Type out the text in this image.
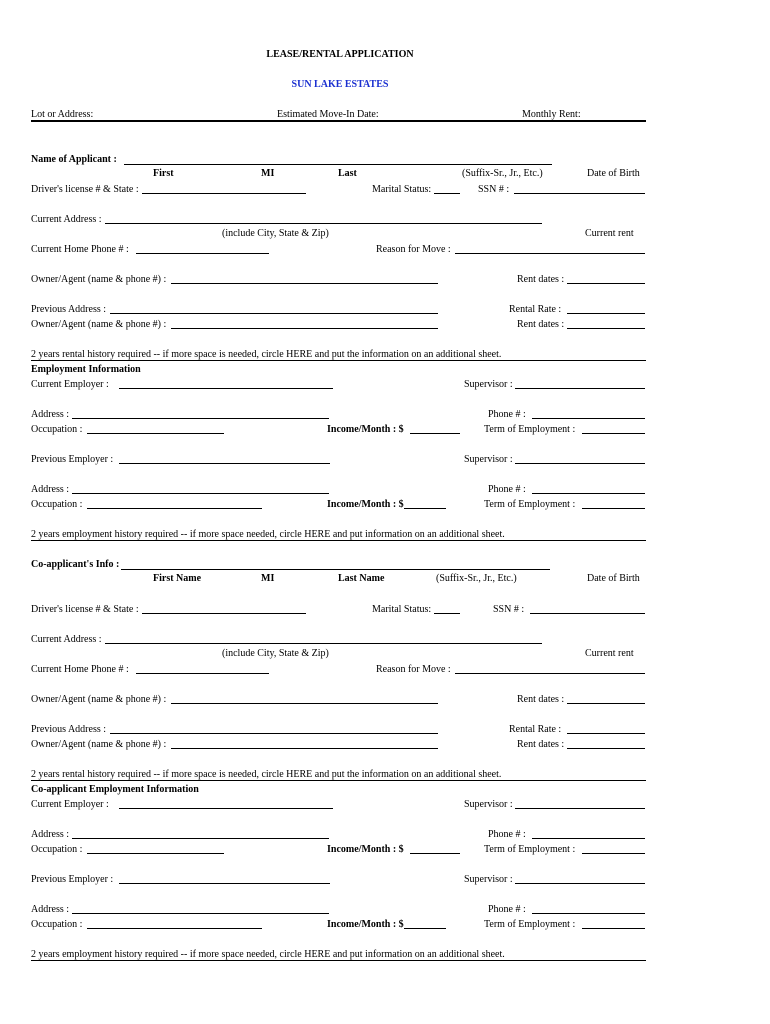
LEASE/RENTAL APPLICATION
SUN LAKE ESTATES
Lot or Address:	Estimated Move-In Date:	Monthly Rent:
Name of Applicant :
First	MI	Last	(Suffix-Sr., Jr., Etc.)	Date of Birth
Driver's license # & State :	Marital Status:	SSN # :
Current Address :
(include City, State & Zip)	Current rent
Current Home Phone # :	Reason for Move :
Owner/Agent (name & phone #) :	Rent dates :
Previous Address :	Rental Rate :
Owner/Agent (name & phone #) :	Rent dates :
2 years rental history required -- if more space is needed, circle HERE and put the information on an additional sheet.
Employment Information
Current Employer :	Supervisor :
Address :	Phone # :
Occupation :	Income/Month : $	Term of Employment :
Previous Employer :	Supervisor :
Address :	Phone # :
Occupation :	Income/Month : $	Term of Employment :
2 years employment history required -- if more space needed, circle HERE and put information on an additional sheet.
Co-applicant's Info :
First Name	MI	Last Name	(Suffix-Sr., Jr., Etc.)	Date of Birth
Driver's license # & State :	Marital Status:	SSN # :
Current Address :
(include City, State & Zip)	Current rent
Current Home Phone # :	Reason for Move :
Owner/Agent (name & phone #) :	Rent dates :
Previous Address :	Rental Rate :
Owner/Agent (name & phone #) :	Rent dates :
2 years rental history required -- if more space is needed, circle HERE and put the information on an additional sheet.
Co-applicant Employment Information
Current Employer :	Supervisor :
Address :	Phone # :
Occupation :	Income/Month : $	Term of Employment :
Previous Employer :	Supervisor :
Address :	Phone # :
Occupation :	Income/Month : $	Term of Employment :
2 years employment history required -- if more space needed, circle HERE and put information on an additional sheet.
